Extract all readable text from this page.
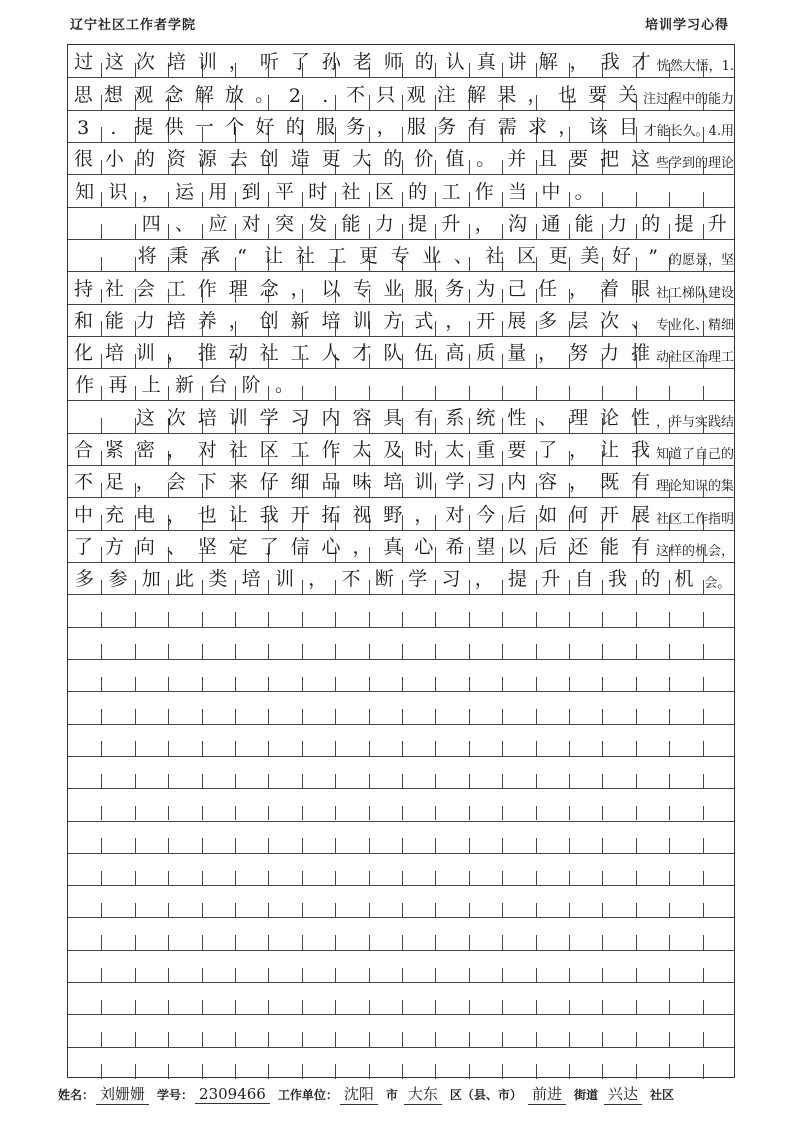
辽宁社区工作者学院	培训学习心得
过 这 次 培 训 ， 听 了 孙 老 师 的 认 真 讲 解 ， 我 才 恍然大悟，1.
思 想 观 念 解 放 。 2	. 不 只 观 注 解 果 ， 也 要 关 注过程中的能力
3	. 提 供 一 个 好 的 服 务 ， 服 务 有 需 求 ， 该 目 才能长久。4.用
很 小 的 资 源 去 创 造 更 大 的 价 值 。 并 且 要 把 这 些学到的理论
知 识 ， 运 用 到 平 时 社 区 的 工 作 当 中 。
四 、 应 对 突 发 能 力 提 升 ， 沟 通 能 力 的 提 升
将 秉 承 “ 让 社 工 更 专 业 、 社 区 更 美 好 ” 的愿景，坚
持 社 会 工 作 理 念 ， 以 专 业 服 务 为 己 任 ， 着 眼 社工梯队建设
和 能 力 培 养 ， 创 新 培 训 方 式 ， 开 展 多 层 次 、 专业化、精细
化 培 训 ， 推 动 社 工 人 才 队 伍 高 质 量 ， 努 力 推 动社区治理工
作 再 上 新 台 阶 。
这 次 培 训 学 习 内 容 具 有 系 统 性 、 理 论 性 ，并与实践结
合 紧 密 ， 对 社 区 工 作 太 及 时 太 重 要 了 ， 让 我 知道了自己的
不 足 ， 会 下 来 仔 细 品 味 培 训 学 习 内 容 ， 既 有 理论知识的集
中 充 电 ， 也 让 我 开 拓 视 野 ， 对 今 后 如 何 开 展 社区工作指明
了 方 向 、 坚 定 了 信 心 ， 真 心 希 望 以 后 还 能 有 这样的机会，
多 参 加 此 类 培 训 ， 不 断 学 习 ， 提 升 自 我 的 机 会。
姓名： 刘姗姗	学号： 2309466	工作单位： 沈阳	市 大东	区（县、市） 前进	街道 兴达	社区
